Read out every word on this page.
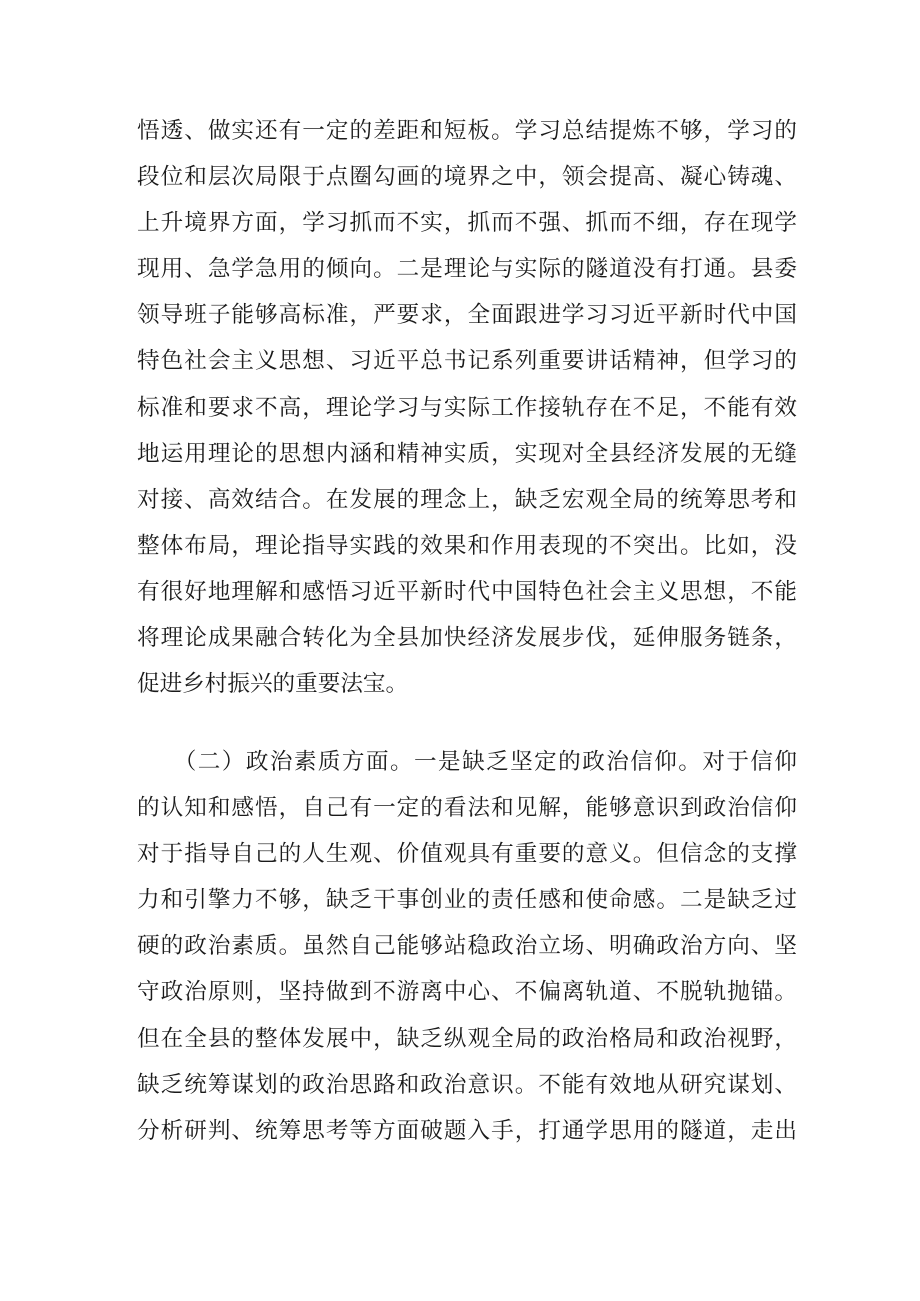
悟透、做实还有一定的差距和短板。学习总结提炼不够，学习的
段位和层次局限于点圈勾画的境界之中，领会提高、凝心铸魂、
上升境界方面，学习抓而不实，抓而不强、抓而不细，存在现学
现用、急学急用的倾向。二是理论与实际的隧道没有打通。县委
领导班子能够高标准，严要求，全面跟进学习习近平新时代中国
特色社会主义思想、习近平总书记系列重要讲话精神，但学习的
标准和要求不高，理论学习与实际工作接轨存在不足，不能有效
地运用理论的思想内涵和精神实质，实现对全县经济发展的无缝
对接、高效结合。在发展的理念上，缺乏宏观全局的统筹思考和
整体布局，理论指导实践的效果和作用表现的不突出。比如，没
有很好地理解和感悟习近平新时代中国特色社会主义思想，不能
将理论成果融合转化为全县加快经济发展步伐，延伸服务链条，
促进乡村振兴的重要法宝。
　　（二）政治素质方面。一是缺乏坚定的政治信仰。对于信仰
的认知和感悟，自己有一定的看法和见解，能够意识到政治信仰
对于指导自己的人生观、价值观具有重要的意义。但信念的支撑
力和引擎力不够，缺乏干事创业的责任感和使命感。二是缺乏过
硬的政治素质。虽然自己能够站稳政治立场、明确政治方向、坚
守政治原则，坚持做到不游离中心、不偏离轨道、不脱轨抛锚。
但在全县的整体发展中，缺乏纵观全局的政治格局和政治视野，
缺乏统筹谋划的政治思路和政治意识。不能有效地从研究谋划、
分析研判、统筹思考等方面破题入手，打通学思用的隧道，走出
